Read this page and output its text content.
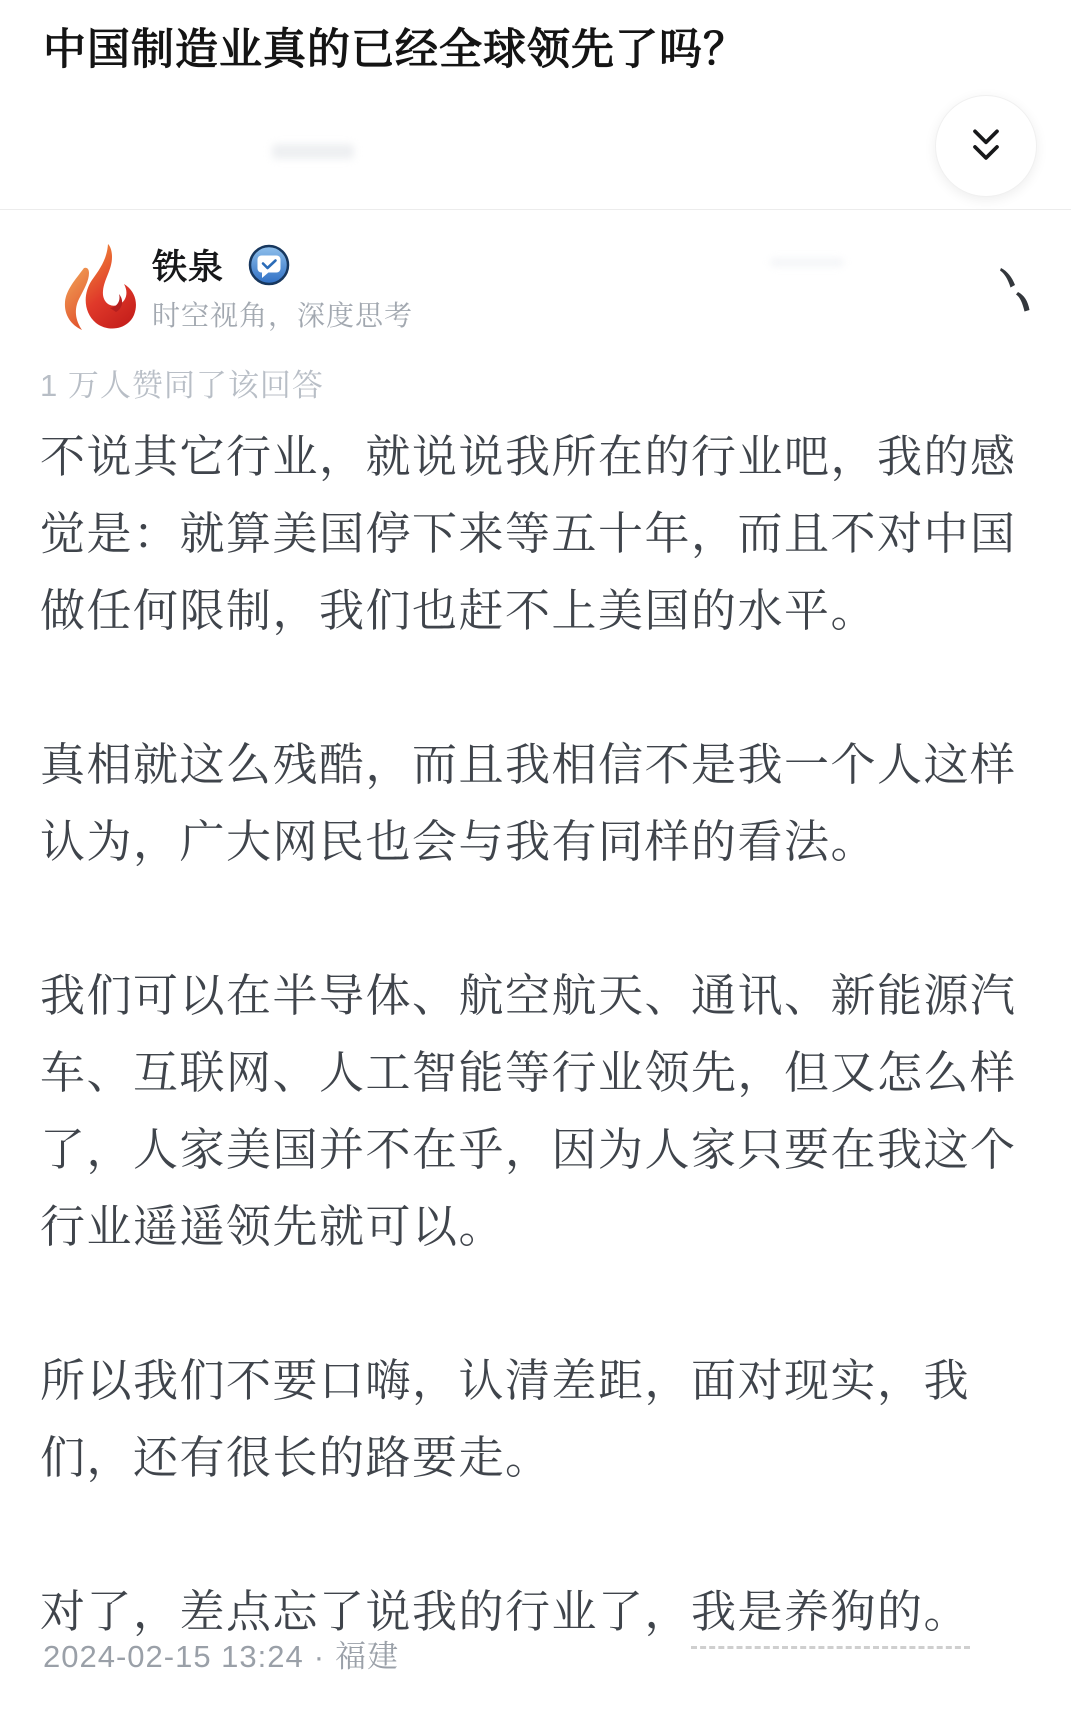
中国制造业真的已经全球领先了吗？
铁泉
时空视角，深度思考
1 万人赞同了该回答

不说其它行业，就说说我所在的行业吧，我的感觉是：就算美国停下来等五十年，而且不对中国做任何限制，我们也赶不上美国的水平。

真相就这么残酷，而且我相信不是我一个人这样认为，广大网民也会与我有同样的看法。

我们可以在半导体、航空航天、通讯、新能源汽车、互联网、人工智能等行业领先，但又怎么样了，人家美国并不在乎，因为人家只要在我这个行业遥遥领先就可以。

所以我们不要口嗨，认清差距，面对现实，我们，还有很长的路要走。

对了，差点忘了说我的行业了，我是养狗的。

2024-02-15 13:24 · 福建
